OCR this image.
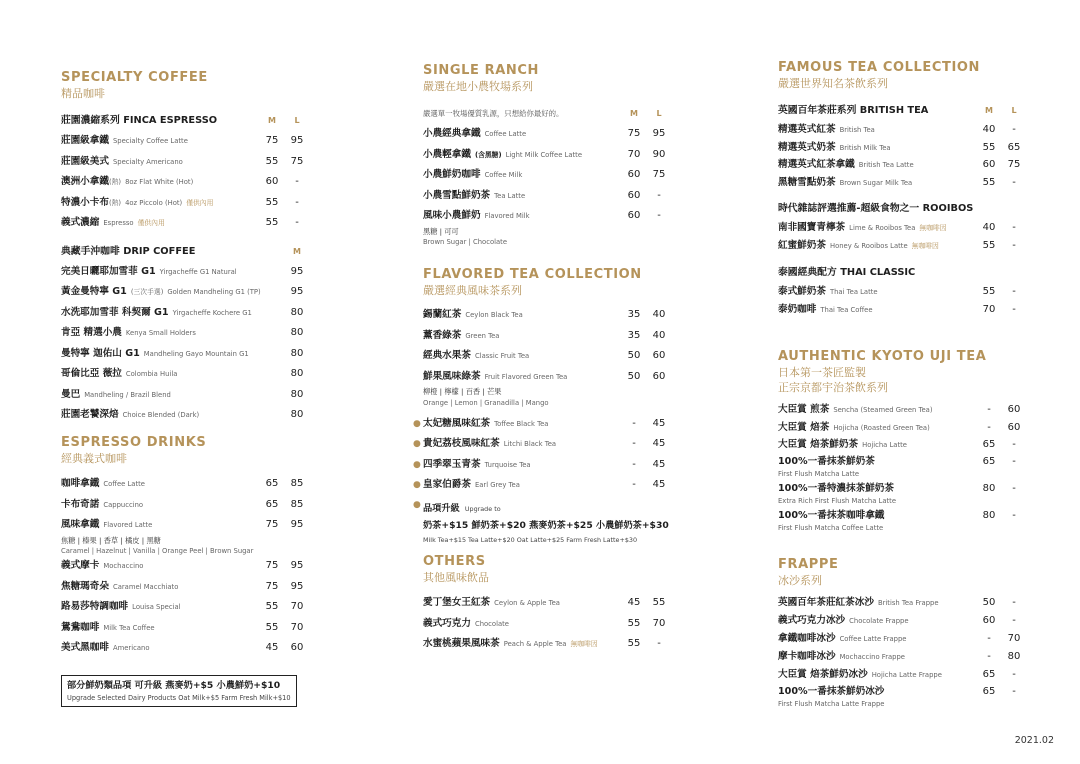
SPECIALTY COFFEE
精品咖啡
莊園濃縮系列 FINCA ESPRESSO	M	L
莊園級拿鐵 Specialty Coffee Latte	75	95
莊園級美式 Specialty Americano	55	75
澳洲小拿鐵(熱) 8oz Flat White (Hot)	60	-
特濃小卡布(熱) 4oz Piccolo (Hot) 僅供內用	55	-
義式濃縮 Espresso 僅供內用	55	-
典藏手沖咖啡 DRIP COFFEE	M
完美日曬耶加雪菲 G1 Yirgacheffe G1 Natural	95
黃金曼特寧 G1 (三次手選) Golden Mandheling G1 (TP)	95
水洗耶加雪菲 科契爾 G1 Yirgacheffe Kochere G1	80
肯亞 精選小農 Kenya Small Holders	80
曼特寧 迦佑山 G1 Mandheling Gayo Mountain G1	80
哥倫比亞 薇拉 Colombia Huila	80
曼巴 Mandheling / Brazil Blend	80
莊園老饕深焙 Choice Blended (Dark)	80
ESPRESSO DRINKS
經典義式咖啡
咖啡拿鐵 Coffee Latte	65	85
卡布奇諾 Cappuccino	65	85
風味拿鐵 Flavored Latte	75	95
焦糖 | 榛果 | 香草 | 橘皮 | 黑糖
Caramel | Hazelnut | Vanilla | Orange Peel | Brown Sugar
義式摩卡 Mochaccino	75	95
焦糖瑪奇朵 Caramel Macchiato	75	95
路易莎特調咖啡 Louisa Special	55	70
鴛鴦咖啡 Milk Tea Coffee	55	70
美式黑咖啡 Americano	45	60
部分鮮奶類品項 可升級 燕麥奶+$5 小農鮮奶+$10
Upgrade Selected Dairy Products Oat Milk+$5 Farm Fresh Milk+$10
SINGLE RANCH
嚴選在地小農牧場系列
嚴選單一牧場優質乳源，只想給你最好的。	M	L
小農經典拿鐵 Coffee Latte	75	95
小農輕拿鐵 (含黑糖) Light Milk Coffee Latte	70	90
小農鮮奶咖啡 Coffee Milk	60	75
小農雪點鮮奶茶 Tea Latte	60	-
風味小農鮮奶 Flavored Milk	60	-
黑糖 | 可可
Brown Sugar | Chocolate
FLAVORED TEA COLLECTION
嚴選經典風味茶系列
錫蘭紅茶 Ceylon Black Tea	35	40
薰香綠茶 Green Tea	35	40
經典水果茶 Classic Fruit Tea	50	60
鮮果風味綠茶 Fruit Flavored Green Tea	50	60
柳橙 | 檸檬 | 百香 | 芒果
Orange | Lemon | Granadilla | Mango
● 太妃糖風味紅茶 Toffee Black Tea	-	45
● 貴妃荔枝風味紅茶 Litchi Black Tea	-	45
● 四季翠玉青茶 Turquoise Tea	-	45
● 皇家伯爵茶 Earl Grey Tea	-	45
● 品項升級 Upgrade to
奶茶+$15 鮮奶茶+$20 燕麥奶茶+$25 小農鮮奶茶+$30
Milk Tea+$15 Tea Latte+$20 Oat Latte+$25 Farm Fresh Latte+$30
OTHERS
其他風味飲品
愛丁堡女王紅茶 Ceylon & Apple Tea	45	55
義式巧克力 Chocolate	55	70
水蜜桃蘋果風味茶 Peach & Apple Tea 無咖啡因	55	-
FAMOUS TEA COLLECTION
嚴選世界知名茶飲系列
英國百年茶莊系列 BRITISH TEA	M	L
精選英式紅茶 British Tea	40	-
精選英式奶茶 British Milk Tea	55	65
精選英式紅茶拿鐵 British Tea Latte	60	75
黑糖雪點奶茶 Brown Sugar Milk Tea	55	-
時代雜誌評選推薦-超級食物之一 ROOIBOS
南非國寶青檸茶 Lime & Rooibos Tea 無咖啡因	40	-
紅蜜鮮奶茶 Honey & Rooibos Latte 無咖啡因	55	-
泰國經典配方 THAI CLASSIC
泰式鮮奶茶 Thai Tea Latte	55	-
泰奶咖啡 Thai Tea Coffee	70	-
AUTHENTIC KYOTO UJI TEA
日本第一茶匠監製
正宗京都宇治茶飲系列
大臣賞 煎茶 Sencha (Steamed Green Tea)	-	60
大臣賞 焙茶 Hojicha (Roasted Green Tea)	-	60
大臣賞 焙茶鮮奶茶 Hojicha Latte	65	-
100%一番抹茶鮮奶茶	65	-
First Flush Matcha Latte
100%一番特濃抹茶鮮奶茶	80	-
Extra Rich First Flush Matcha Latte
100%一番抹茶咖啡拿鐵	80	-
First Flush Matcha Coffee Latte
FRAPPE
冰沙系列
英國百年茶莊紅茶冰沙 British Tea Frappe	50	-
義式巧克力冰沙 Chocolate Frappe	60	-
拿鐵咖啡冰沙 Coffee Latte Frappe	-	70
摩卡咖啡冰沙 Mochaccino Frappe	-	80
大臣賞 焙茶鮮奶冰沙 Hojicha Latte Frappe	65	-
100%一番抹茶鮮奶冰沙	65	-
First Flush Matcha Latte Frappe
2021.02
